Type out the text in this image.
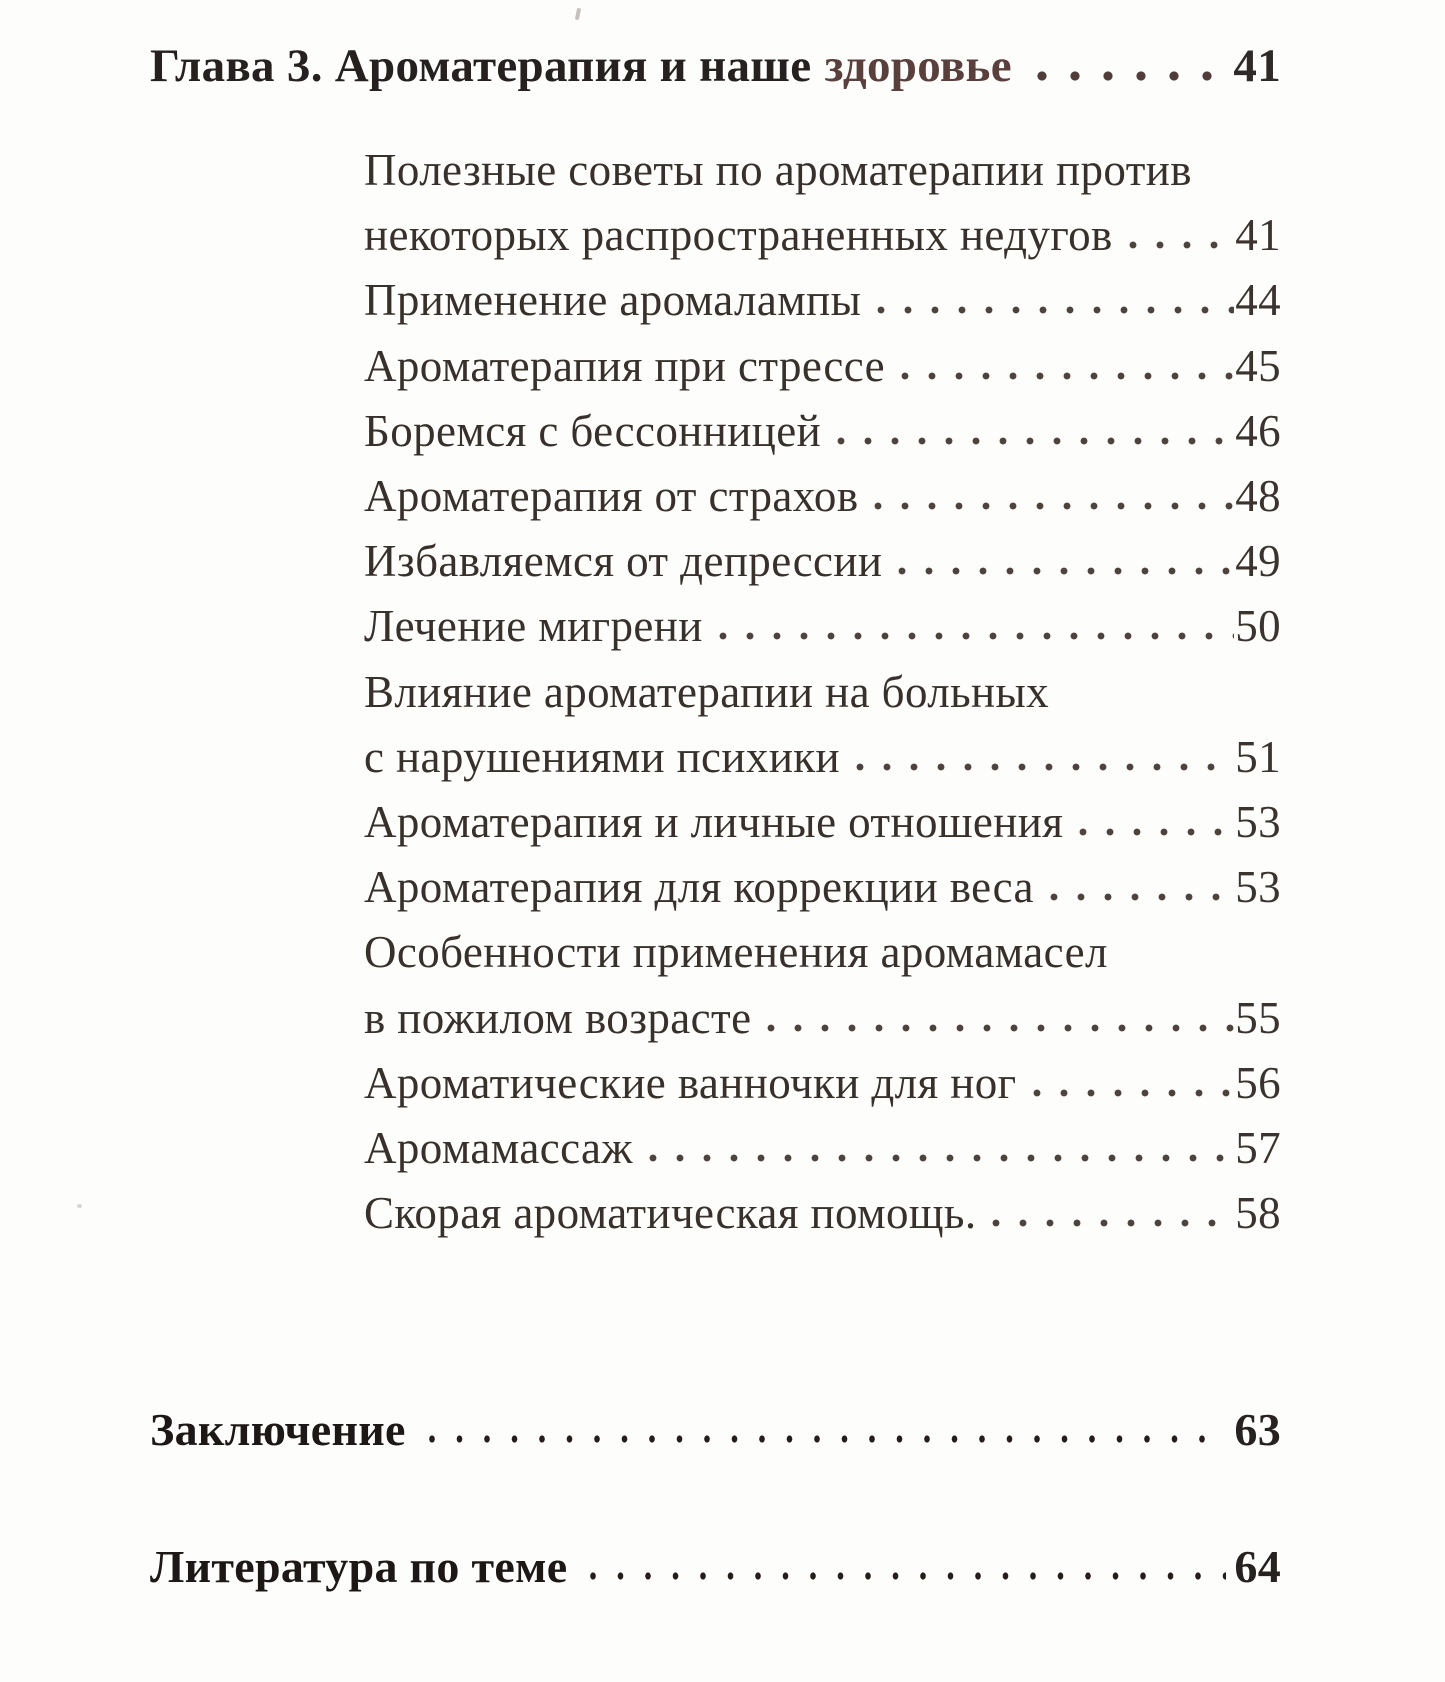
Глава 3. Ароматерапия и наше здоровье	41
Полезные советы по ароматерапии против
некоторых распространенных недугов	41
Применение аромалампы	44
Ароматерапия при стрессе	45
Боремся с бессонницей	46
Ароматерапия от страхов	48
Избавляемся от депрессии	49
Лечение мигрени	50
Влияние ароматерапии на больных
с нарушениями психики	51
Ароматерапия и личные отношения	53
Ароматерапия для коррекции веса	53
Особенности применения аромамасел
в пожилом возрасте	55
Ароматические ванночки для ног	56
Аромамассаж	57
Скорая ароматическая помощь.	58
Заключение	63
Литература по теме	64
